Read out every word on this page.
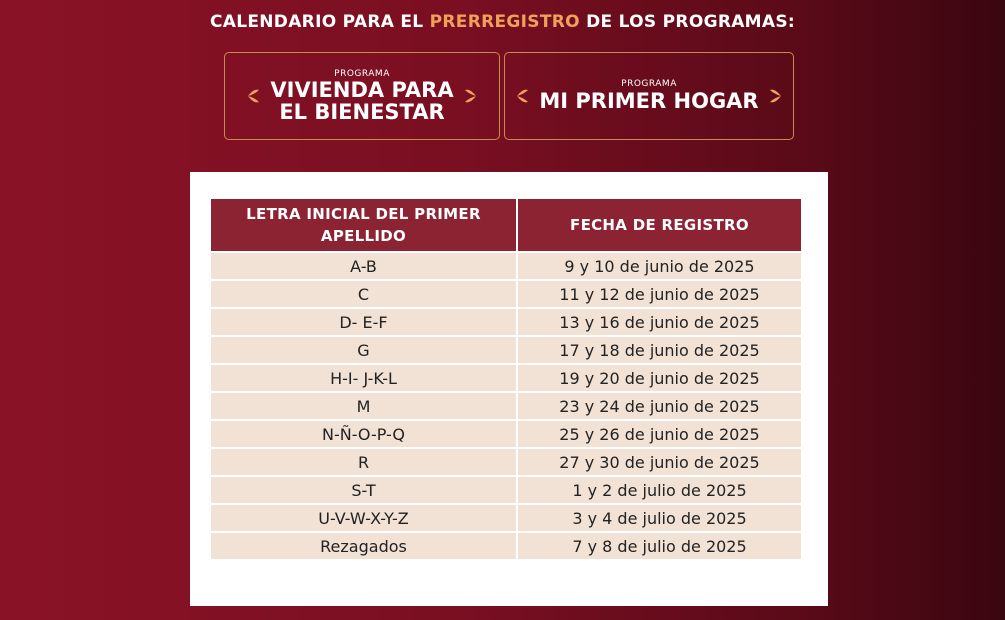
CALENDARIO PARA EL PRERREGISTRO DE LOS PROGRAMAS:
PROGRAMA
VIVIENDA PARA
EL BIENESTAR
PROGRAMA
MI PRIMER HOGAR
LETRA INICIAL DEL PRIMER APELLIDO	FECHA DE REGISTRO
A-B	9 y 10 de junio de 2025
C	11 y 12 de junio de 2025
D- E-F	13 y 16 de junio de 2025
G	17 y 18 de junio de 2025
H-I- J-K-L	19 y 20 de junio de 2025
M	23 y 24 de junio de 2025
N-Ñ-O-P-Q	25 y 26 de junio de 2025
R	27 y 30 de junio de 2025
S-T	1 y 2 de julio de 2025
U-V-W-X-Y-Z	3 y 4 de julio de 2025
Rezagados	7 y 8 de julio de 2025
